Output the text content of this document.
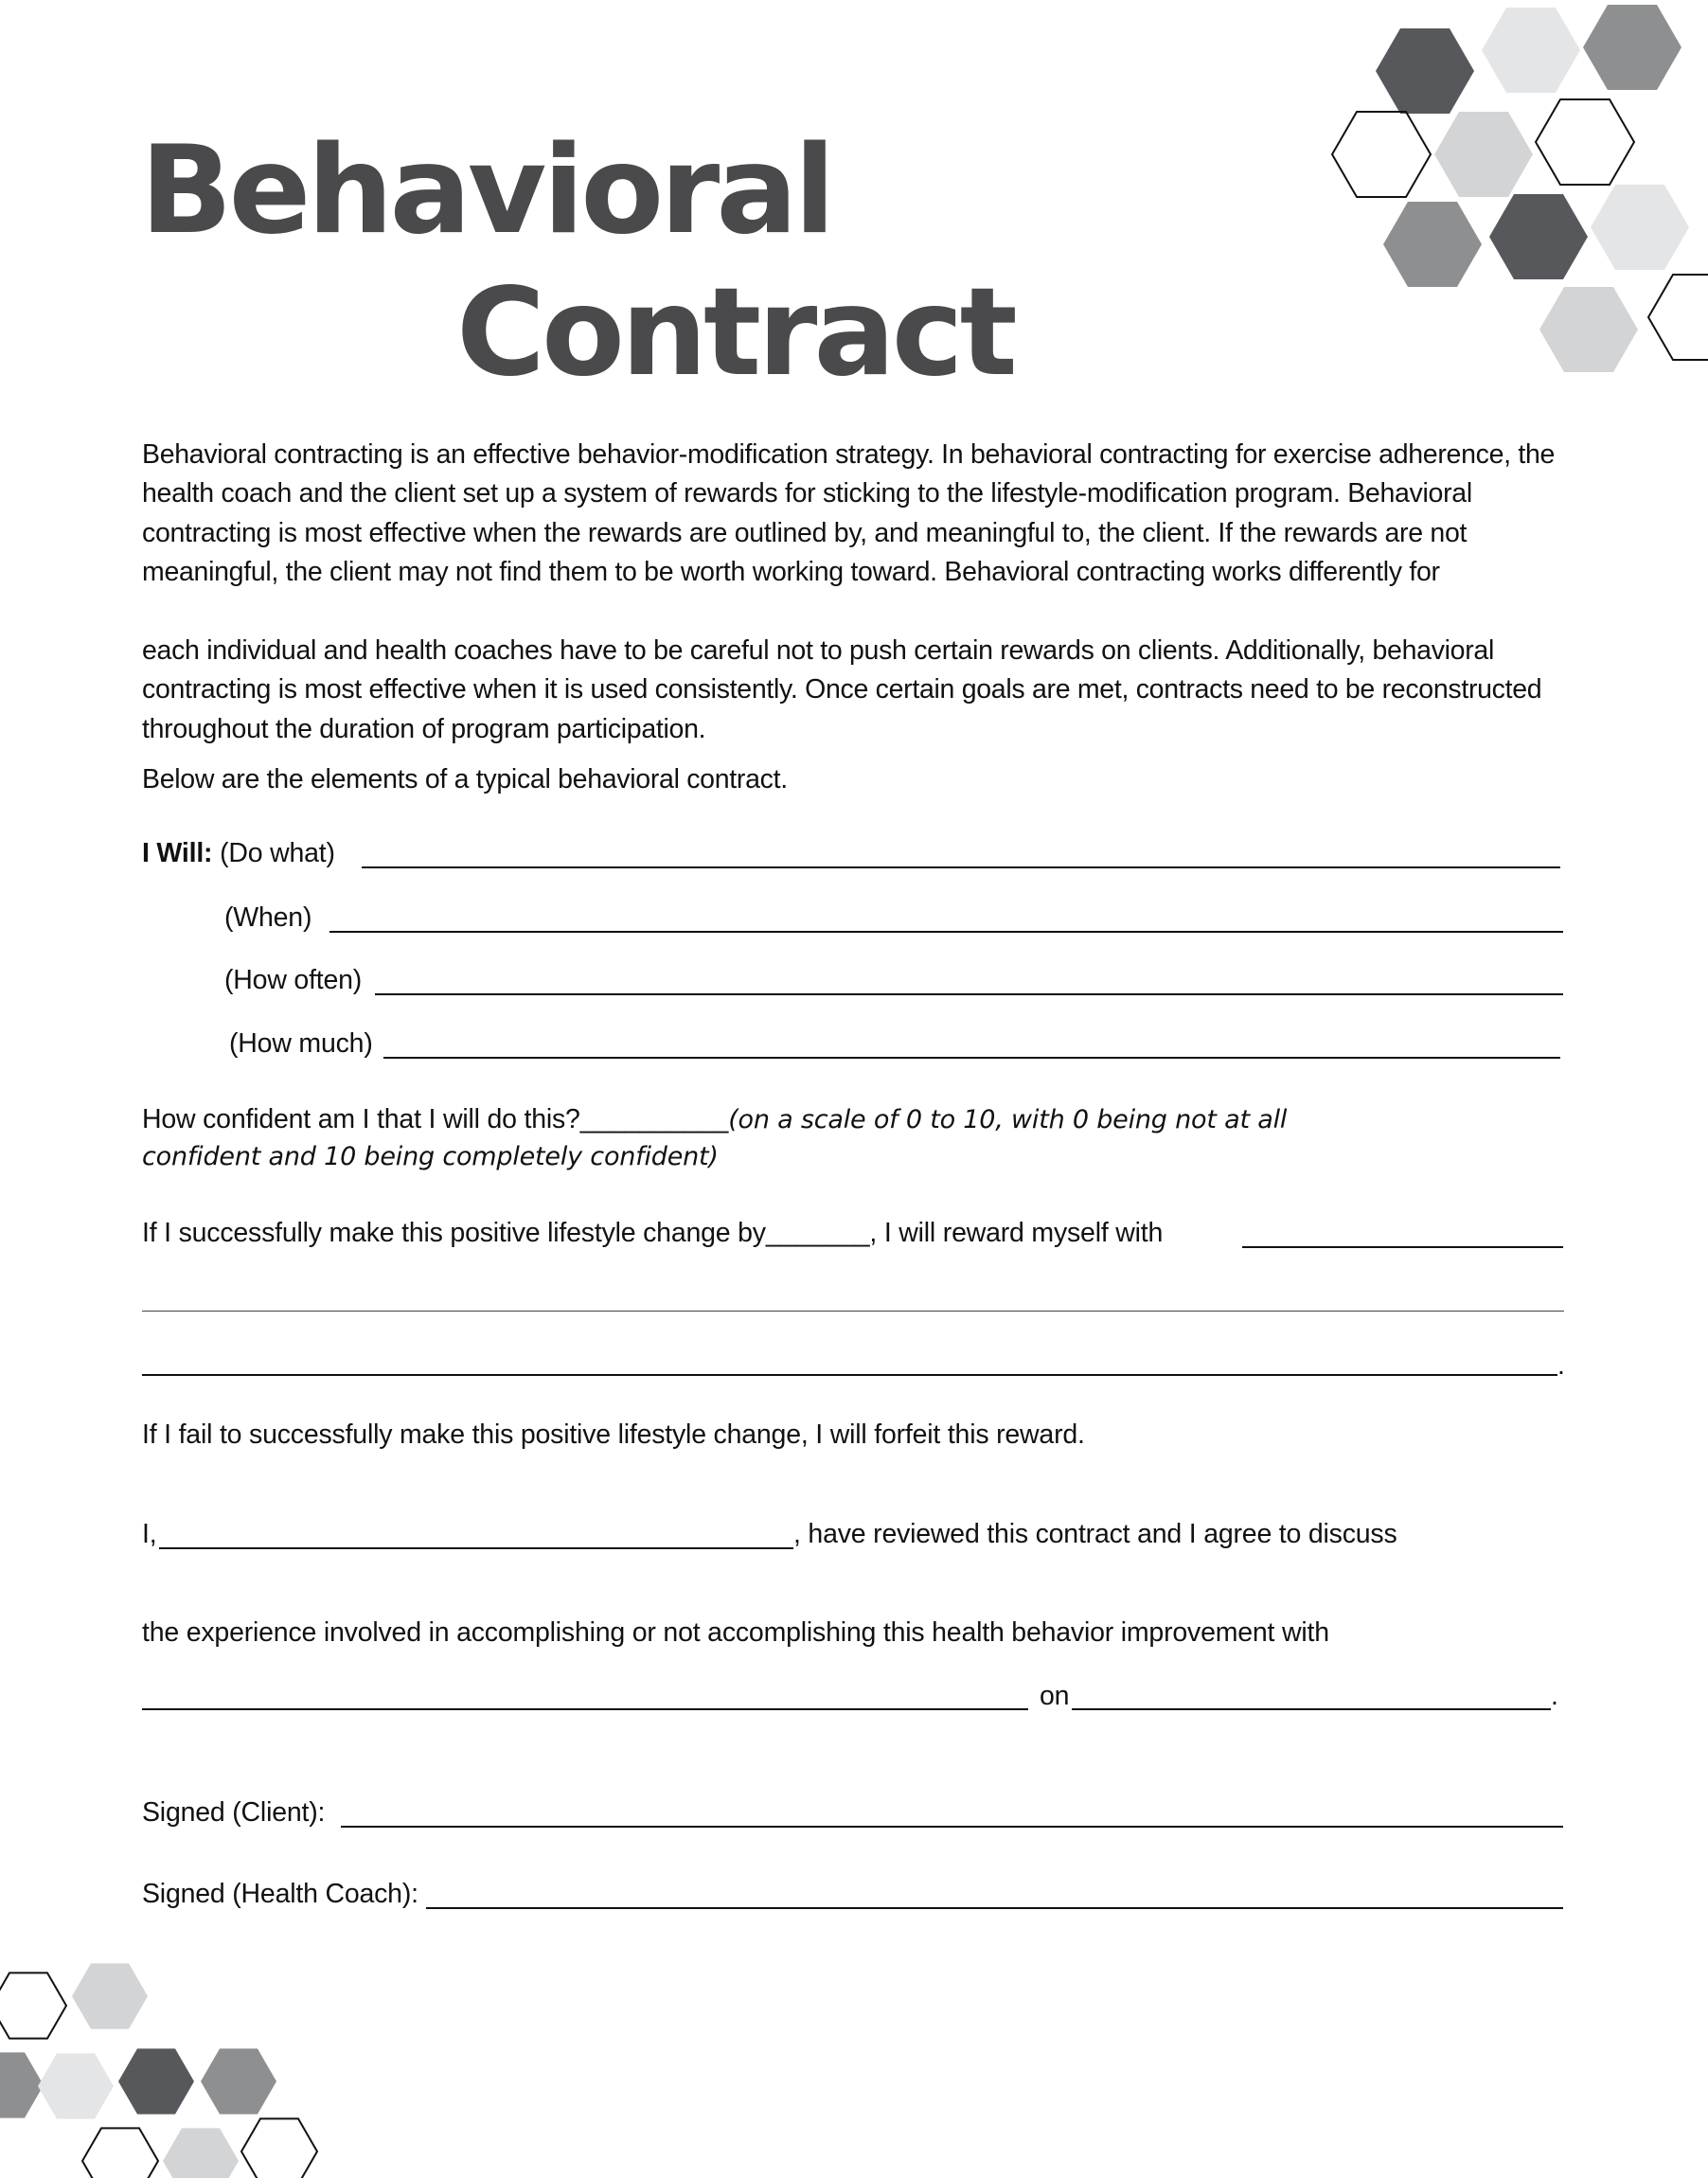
Behavioral
Contract

Behavioral contracting is an effective behavior-modification strategy. In behavioral contracting for exercise adherence, the health coach and the client set up a system of rewards for sticking to the lifestyle-modification program. Behavioral contracting is most effective when the rewards are outlined by, and meaningful to, the client. If the rewards are not meaningful, the client may not find them to be worth working toward. Behavioral contracting works differently for

each individual and health coaches have to be careful not to push certain rewards on clients. Additionally, behavioral contracting is most effective when it is used consistently. Once certain goals are met, contracts need to be reconstructed throughout the duration of program participation.

Below are the elements of a typical behavioral contract.

I Will: (Do what)
(When)
(How often)
(How much)
How confident am I that I will do this?__________(on a scale of 0 to 10, with 0 being not at all
confident and 10 being completely confident)
If I successfully make this positive lifestyle change by_______, I will reward myself with
.
If I fail to successfully make this positive lifestyle change, I will forfeit this reward.
I,	, have reviewed this contract and I agree to discuss
the experience involved in accomplishing or not accomplishing this health behavior improvement with
on	.
Signed (Client):
Signed (Health Coach):
